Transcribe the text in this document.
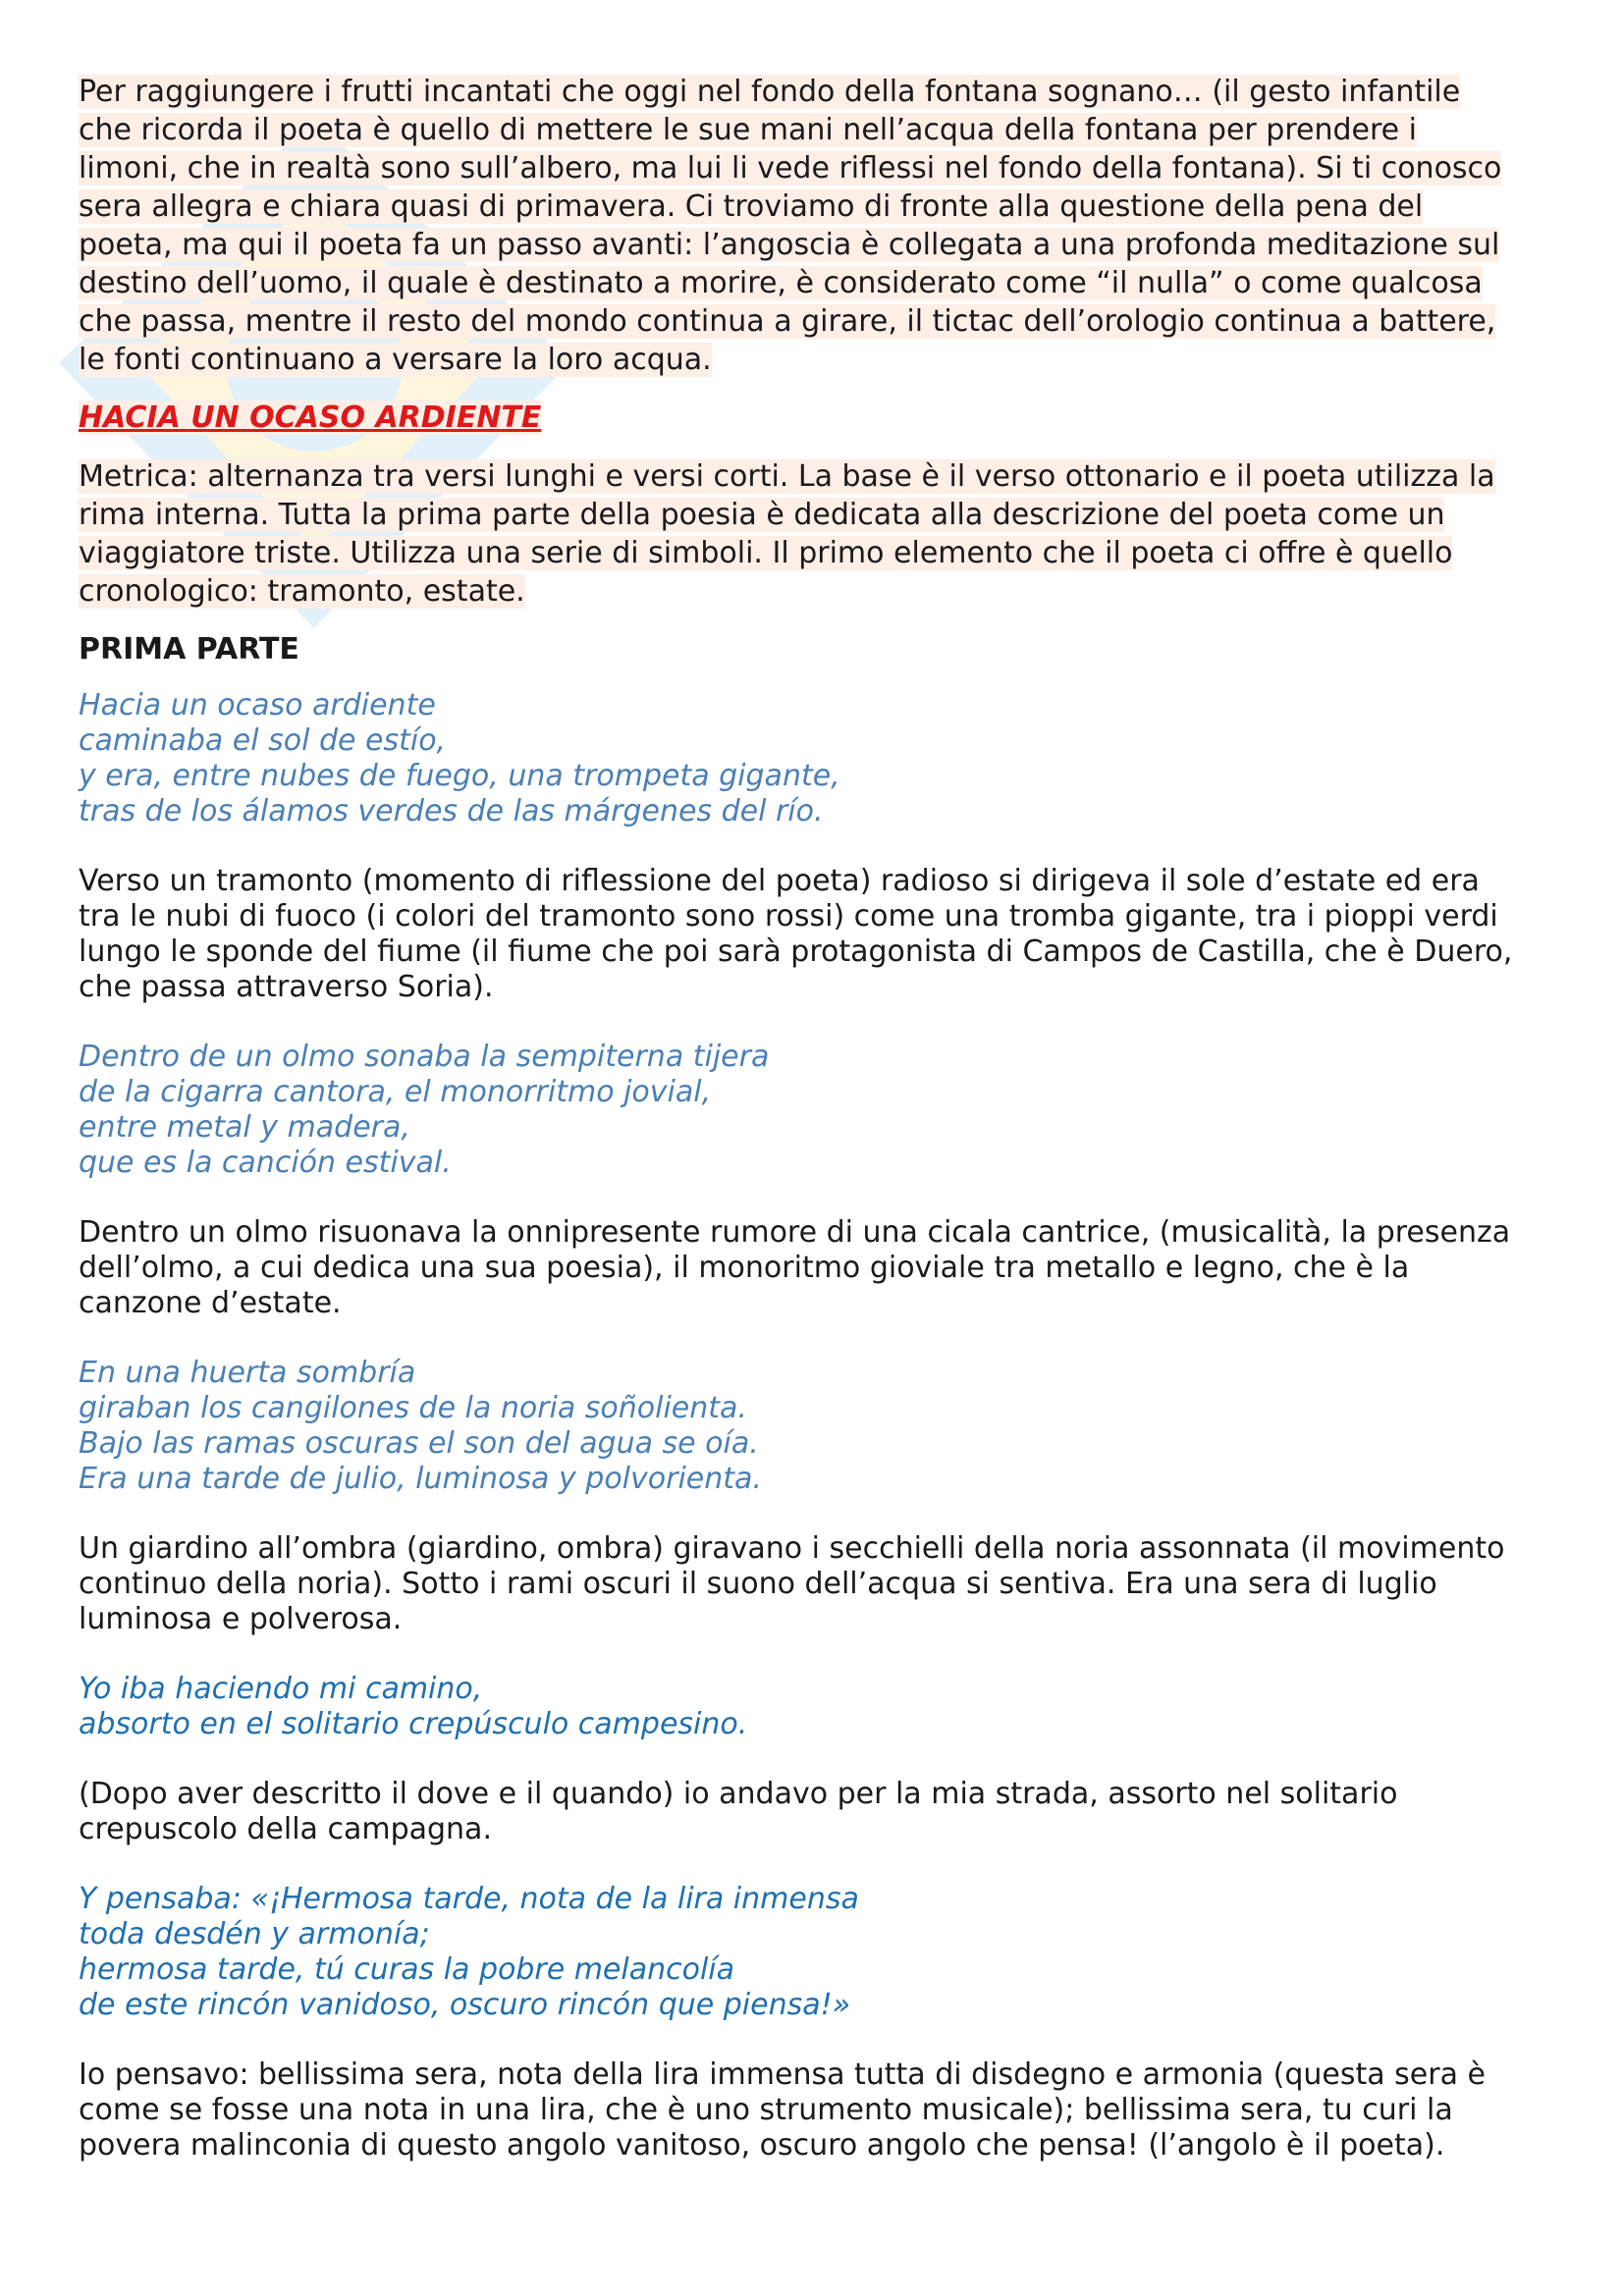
Per raggiungere i frutti incantati che oggi nel fondo della fontana sognano… (il gesto infantile

che ricorda il poeta è quello di mettere le sue mani nell’acqua della fontana per prendere i

limoni, che in realtà sono sull’albero, ma lui li vede riflessi nel fondo della fontana). Si ti conosco

sera allegra e chiara quasi di primavera. Ci troviamo di fronte alla questione della pena del

poeta, ma qui il poeta fa un passo avanti: l’angoscia è collegata a una profonda meditazione sul

destino dell’uomo, il quale è destinato a morire, è considerato come “il nulla” o come qualcosa

che passa, mentre il resto del mondo continua a girare, il tictac dell’orologio continua a battere,

le fonti continuano a versare la loro acqua.

HACIA UN OCASO ARDIENTE

Metrica: alternanza tra versi lunghi e versi corti. La base è il verso ottonario e il poeta utilizza la

rima interna. Tutta la prima parte della poesia è dedicata alla descrizione del poeta come un

viaggiatore triste. Utilizza una serie di simboli. Il primo elemento che il poeta ci offre è quello

cronologico: tramonto, estate.

PRIMA PARTE

Hacia un ocaso ardiente
caminaba el sol de estío,
y era, entre nubes de fuego, una trompeta gigante,
tras de los álamos verdes de las márgenes del río.
Verso un tramonto (momento di riflessione del poeta) radioso si dirigeva il sole d’estate ed era
tra le nubi di fuoco (i colori del tramonto sono rossi) come una tromba gigante, tra i pioppi verdi
lungo le sponde del fiume (il fiume che poi sarà protagonista di Campos de Castilla, che è Duero,
che passa attraverso Soria).
Dentro de un olmo sonaba la sempiterna tijera
de la cigarra cantora, el monorritmo jovial,
entre metal y madera,
que es la canción estival.
Dentro un olmo risuonava la onnipresente rumore di una cicala cantrice, (musicalità, la presenza
dell’olmo, a cui dedica una sua poesia), il monoritmo gioviale tra metallo e legno, che è la
canzone d’estate.
En una huerta sombría
giraban los cangilones de la noria soñolienta.
Bajo las ramas oscuras el son del agua se oía.
Era una tarde de julio, luminosa y polvorienta.
Un giardino all’ombra (giardino, ombra) giravano i secchielli della noria assonnata (il movimento
continuo della noria). Sotto i rami oscuri il suono dell’acqua si sentiva. Era una sera di luglio
luminosa e polverosa.
Yo iba haciendo mi camino,
absorto en el solitario crepúsculo campesino.
(Dopo aver descritto il dove e il quando) io andavo per la mia strada, assorto nel solitario
crepuscolo della campagna.
Y pensaba: «¡Hermosa tarde, nota de la lira inmensa
toda desdén y armonía;
hermosa tarde, tú curas la pobre melancolía
de este rincón vanidoso, oscuro rincón que piensa!»
Io pensavo: bellissima sera, nota della lira immensa tutta di disdegno e armonia (questa sera è
come se fosse una nota in una lira, che è uno strumento musicale); bellissima sera, tu curi la
povera malinconia di questo angolo vanitoso, oscuro angolo che pensa! (l’angolo è il poeta).
